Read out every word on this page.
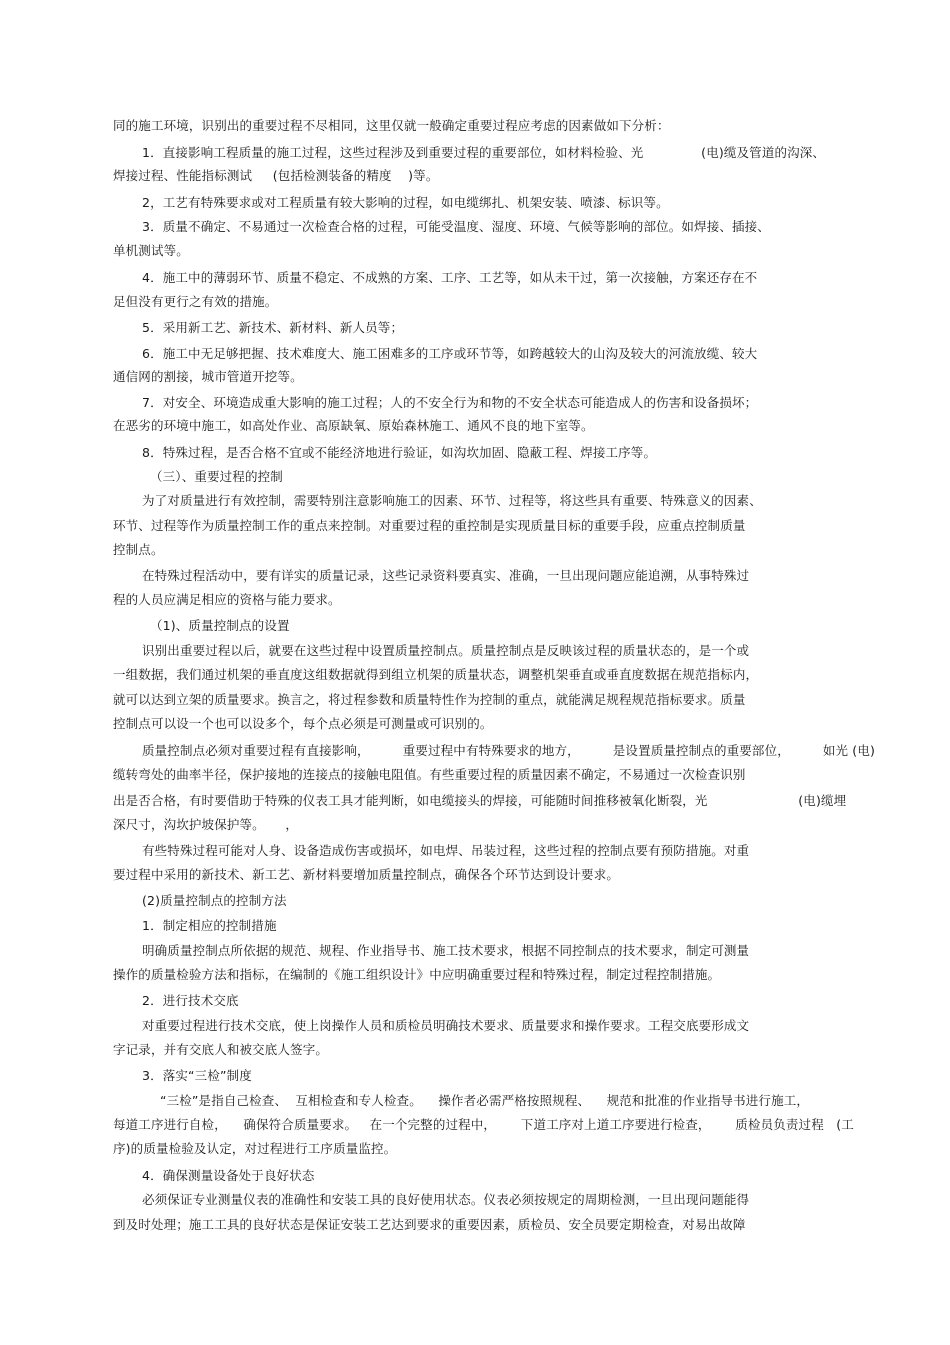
同的施工环境，识别出的重要过程不尽相同，这里仅就一般确定重要过程应考虑的因素做如下分析：
1．直接影响工程质量的施工过程，这些过程涉及到重要过程的重要部位，如材料检验、光              (电)缆及管道的沟深、
焊接过程、性能指标测试     (包括检测装备的精度    )等。
2，工艺有特殊要求或对工程质量有较大影响的过程，如电缆绑扎、机架安装、喷漆、标识等。
3．质量不确定、不易通过一次检查合格的过程，可能受温度、湿度、环境、气候等影响的部位。如焊接、插接、
单机测试等。
4．施工中的薄弱环节、质量不稳定、不成熟的方案、工序、工艺等，如从未干过，第一次接触，方案还存在不
足但没有更行之有效的措施。
5．采用新工艺、新技术、新材料、新人员等；
6．施工中无足够把握、技术难度大、施工困难多的工序或环节等，如跨越较大的山沟及较大的河流放缆、较大
通信网的割接，城市管道开挖等。
7．对安全、环境造成重大影响的施工过程；人的不安全行为和物的不安全状态可能造成人的伤害和设备损坏；
在恶劣的环境中施工，如高处作业、高原缺氧、原始森林施工、通风不良的地下室等。
8．特殊过程，是否合格不宜或不能经济地进行验证，如沟坎加固、隐蔽工程、焊接工序等。
（三）、重要过程的控制
为了对质量进行有效控制，需要特别注意影响施工的因素、环节、过程等，将这些具有重要、特殊意义的因素、
环节、过程等作为质量控制工作的重点来控制。对重要过程的重控制是实现质量目标的重要手段，应重点控制质量
控制点。
在特殊过程活动中，要有详实的质量记录，这些记录资料要真实、准确，一旦出现问题应能追溯，从事特殊过
程的人员应满足相应的资格与能力要求。
（1)、质量控制点的设置
识别出重要过程以后，就要在这些过程中设置质量控制点。质量控制点是反映该过程的质量状态的，是一个或
一组数据，我们通过机架的垂直度这组数据就得到组立机架的质量状态，调整机架垂直或垂直度数据在规范指标内，
就可以达到立架的质量要求。换言之，将过程参数和质量特性作为控制的重点，就能满足规程规范指标要求。质量
控制点可以设一个也可以设多个，每个点必须是可测量或可识别的。
质量控制点必须对重要过程有直接影响，        重要过程中有特殊要求的地方，        是设置质量控制点的重要部位，        如光 (电)
缆转弯处的曲率半径，保护接地的连接点的接触电阻值。有些重要过程的质量因素不确定，不易通过一次检查识别
出是否合格，有时要借助于特殊的仪表工具才能判断，如电缆接头的焊接，可能随时间推移被氧化断裂，光                      (电)缆埋
深尺寸，沟坎护坡保护等。     ，
有些特殊过程可能对人身、设备造成伤害或损坏，如电焊、吊装过程，这些过程的控制点要有预防措施。对重
要过程中采用的新技术、新工艺、新材料要增加质量控制点，确保各个环节达到设计要求。
(2)质量控制点的控制方法
1．制定相应的控制措施
明确质量控制点所依据的规范、规程、作业指导书、施工技术要求，根据不同控制点的技术要求，制定可测量
操作的质量检验方法和指标，在编制的《施工组织设计》中应明确重要过程和特殊过程，制定过程控制措施。
2．进行技术交底
对重要过程进行技术交底，使上岗操作人员和质检员明确技术要求、质量要求和操作要求。工程交底要形成文
字记录，并有交底人和被交底人签字。
3．落实“三检”制度
“三检”是指自己检查、  互相检查和专人检查。    操作者必需严格按照规程、    规范和批准的作业指导书进行施工，
每道工序进行自检，    确保符合质量要求。   在一个完整的过程中，      下道工序对上道工序要进行检查，      质检员负责过程   (工
序)的质量检验及认定，对过程进行工序质量监控。
4．确保测量设备处于良好状态
必须保证专业测量仪表的准确性和安装工具的良好使用状态。仪表必须按规定的周期检测，一旦出现问题能得
到及时处理；施工工具的良好状态是保证安装工艺达到要求的重要因素，质检员、安全员要定期检查，对易出故障
